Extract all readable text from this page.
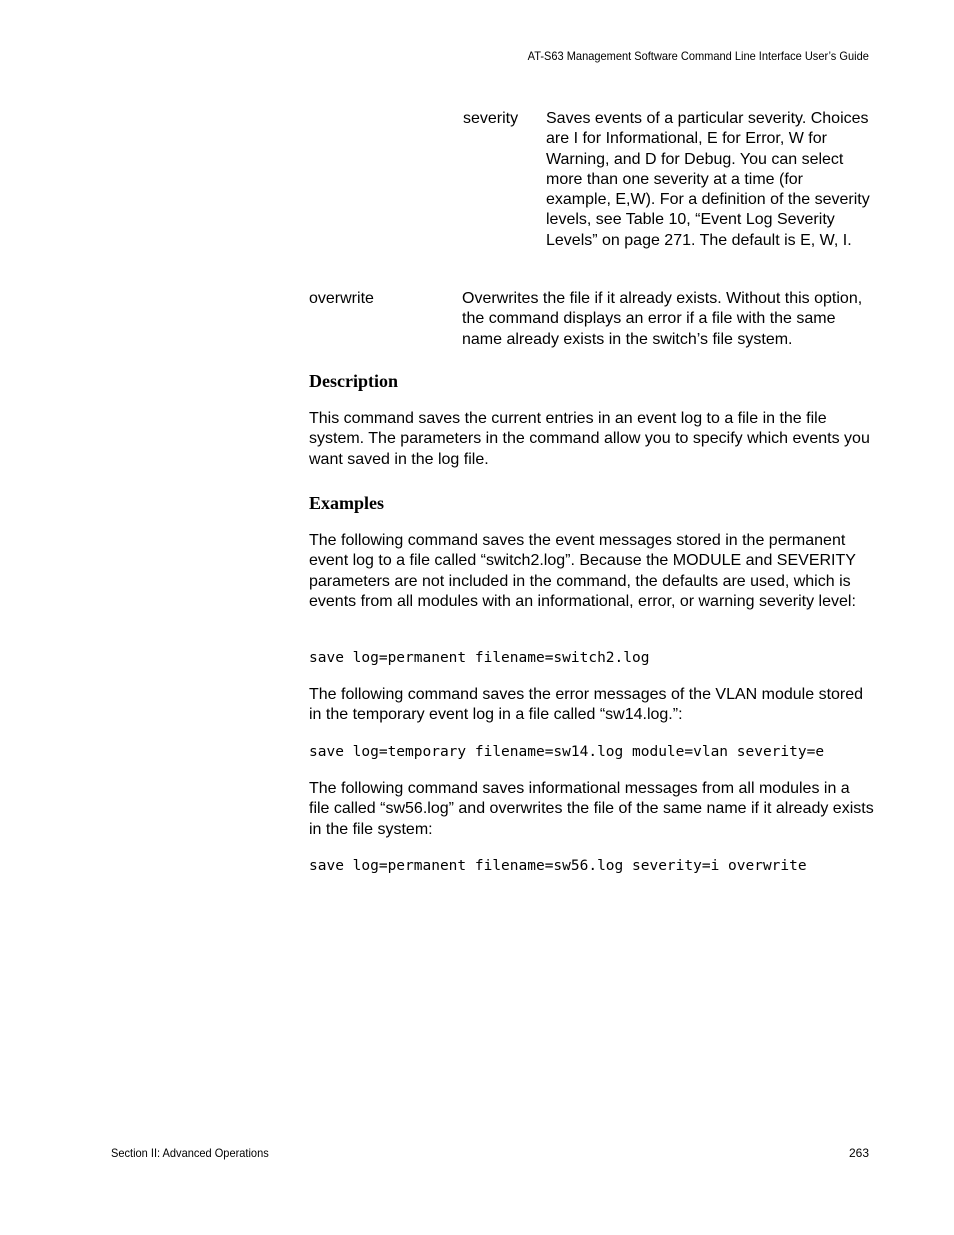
AT-S63 Management Software Command Line Interface User’s Guide
severity Saves events of a particular severity. Choices are I for Informational, E for Error, W for Warning, and D for Debug. You can select more than one severity at a time (for example, E,W). For a definition of the severity levels, see Table 10, “Event Log Severity Levels” on page 271. The default is E, W, I.
overwrite	Overwrites the file if it already exists. Without this option, the command displays an error if a file with the same name already exists in the switch’s file system.
Description
This command saves the current entries in an event log to a file in the file system. The parameters in the command allow you to specify which events you want saved in the log file.
Examples
The following command saves the event messages stored in the permanent event log to a file called “switch2.log”. Because the MODULE and SEVERITY parameters are not included in the command, the defaults are used, which is events from all modules with an informational, error, or warning severity level:
save log=permanent filename=switch2.log
The following command saves the error messages of the VLAN module stored in the temporary event log in a file called “sw14.log.”:
save log=temporary filename=sw14.log module=vlan severity=e
The following command saves informational messages from all modules in a file called “sw56.log” and overwrites the file of the same name if it already exists in the file system:
save log=permanent filename=sw56.log severity=i overwrite
Section II: Advanced Operations	263
